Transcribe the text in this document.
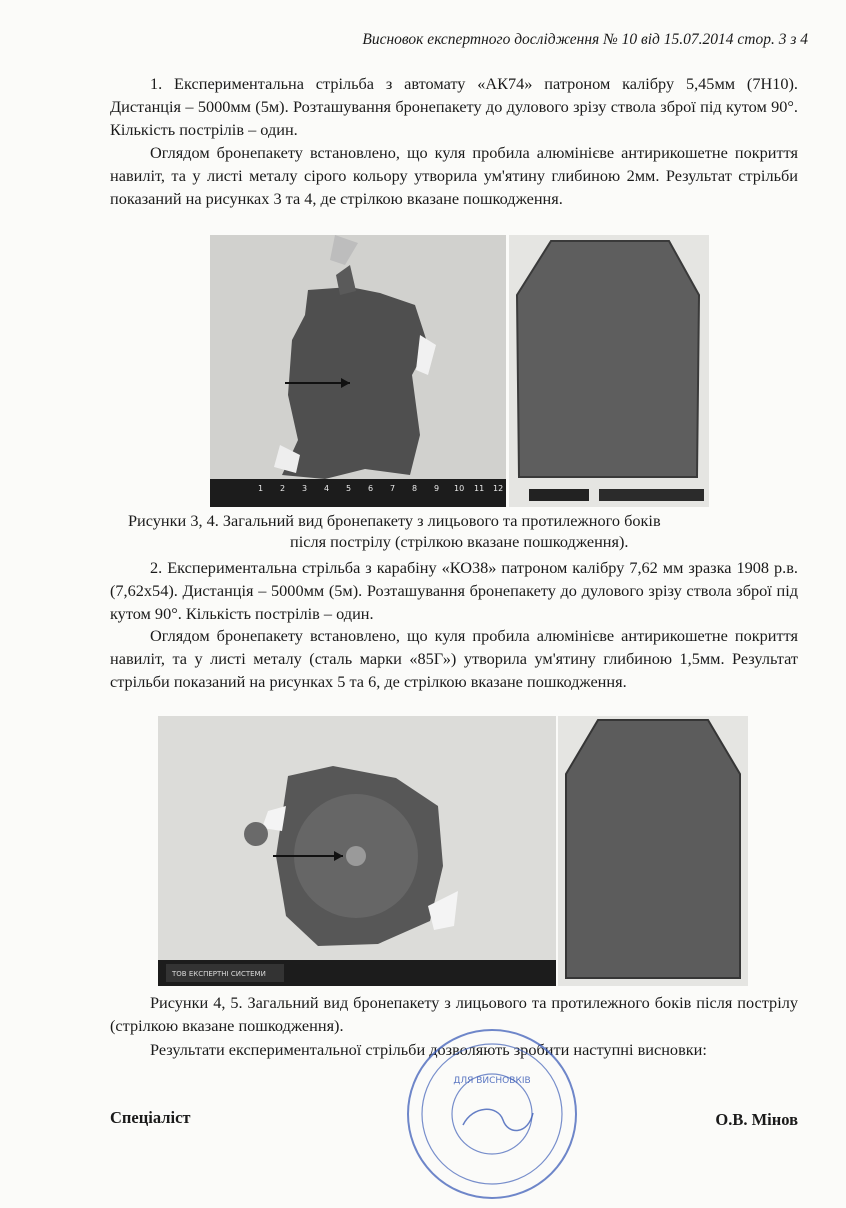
Висновок експертного дослідження № 10 від 15.07.2014 стор. 3 з 4

1. Експериментальна стрільба з автомату «АК74» патроном калібру 5,45мм (7Н10). Дистанція – 5000мм (5м). Розташування бронепакету до дулового зрізу ствола зброї під кутом 90°. Кількість пострілів – один.

Оглядом бронепакету встановлено, що куля пробила алюмінієве антирикошетне покриття навиліт, та у листі металу сірого кольору утворила ум'ятину глибиною 2мм. Результат стрільби показаний на рисунках 3 та 4, де стрілкою вказане пошкодження.

1 2 3 4 5 6 7 8 9 10 11 12
Рисунки 3, 4. Загальний вид бронепакету з лицьового та протилежного боків
після пострілу (стрілкою вказане пошкодження).

2. Експериментальна стрільба з карабіну «КО38» патроном калібру 7,62 мм зразка 1908 р.в. (7,62х54). Дистанція – 5000мм (5м). Розташування бронепакету до дулового зрізу ствола зброї під кутом 90°. Кількість пострілів – один.

Оглядом бронепакету встановлено, що куля пробила алюмінієве антирикошетне покриття навиліт, та у листі металу (сталь марки «85Г») утворила ум'ятину глибиною 1,5мм. Результат стрільби показаний на рисунках 5 та 6, де стрілкою вказане пошкодження.

ТОВ ЕКСПЕРТНІ СИСТЕМИ

Рисунки 4, 5. Загальний вид бронепакету з лицьового та протилежного боків після пострілу (стрілкою вказане пошкодження).

Результати експериментальної стрільби дозволяють зробити наступні висновки:

ДЛЯ ВИСНОВКІВ
Спеціаліст	О.В. Мінов
